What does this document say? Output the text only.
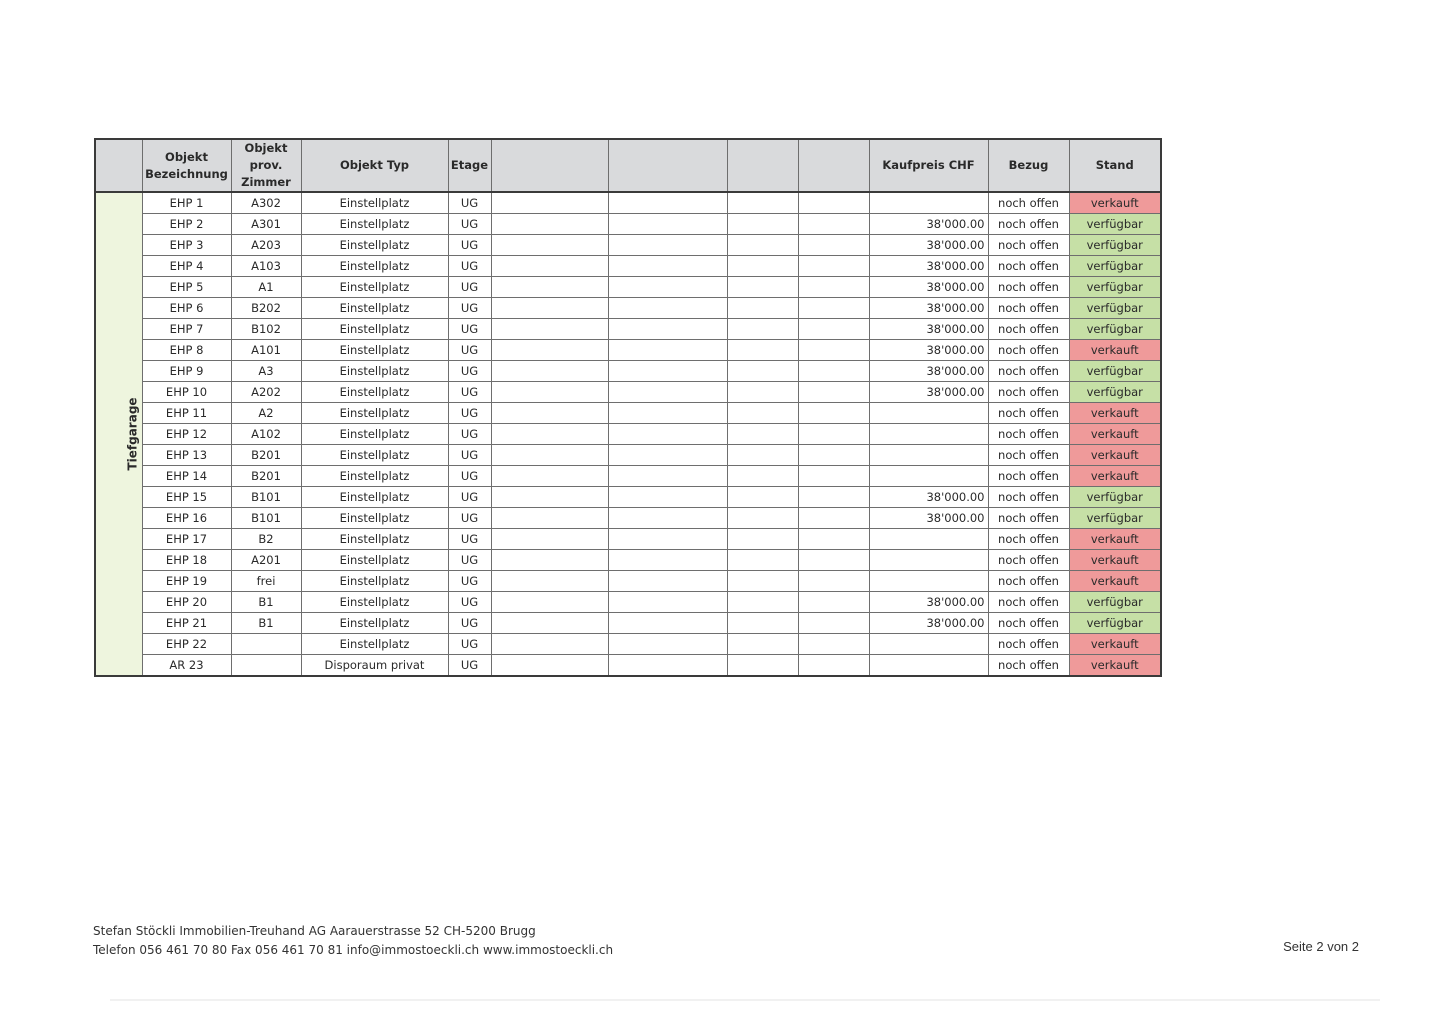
	Objekt Bezeichnung	Objekt prov. Zimmer	Objekt Typ	Etage					Kaufpreis CHF	Bezug	Stand
Tiefgarage	EHP 1	A302	Einstellplatz	UG						noch offen	verkauft
	EHP 2	A301	Einstellplatz	UG					38'000.00	noch offen	verfügbar
	EHP 3	A203	Einstellplatz	UG					38'000.00	noch offen	verfügbar
	EHP 4	A103	Einstellplatz	UG					38'000.00	noch offen	verfügbar
	EHP 5	A1	Einstellplatz	UG					38'000.00	noch offen	verfügbar
	EHP 6	B202	Einstellplatz	UG					38'000.00	noch offen	verfügbar
	EHP 7	B102	Einstellplatz	UG					38'000.00	noch offen	verfügbar
	EHP 8	A101	Einstellplatz	UG					38'000.00	noch offen	verkauft
	EHP 9	A3	Einstellplatz	UG					38'000.00	noch offen	verfügbar
	EHP 10	A202	Einstellplatz	UG					38'000.00	noch offen	verfügbar
	EHP 11	A2	Einstellplatz	UG						noch offen	verkauft
	EHP 12	A102	Einstellplatz	UG						noch offen	verkauft
	EHP 13	B201	Einstellplatz	UG						noch offen	verkauft
	EHP 14	B201	Einstellplatz	UG						noch offen	verkauft
	EHP 15	B101	Einstellplatz	UG					38'000.00	noch offen	verfügbar
	EHP 16	B101	Einstellplatz	UG					38'000.00	noch offen	verfügbar
	EHP 17	B2	Einstellplatz	UG						noch offen	verkauft
	EHP 18	A201	Einstellplatz	UG						noch offen	verkauft
	EHP 19	frei	Einstellplatz	UG						noch offen	verkauft
	EHP 20	B1	Einstellplatz	UG					38'000.00	noch offen	verfügbar
	EHP 21	B1	Einstellplatz	UG					38'000.00	noch offen	verfügbar
	EHP 22		Einstellplatz	UG						noch offen	verkauft
	AR 23		Disporaum privat	UG						noch offen	verkauft
Stefan Stöckli Immobilien-Treuhand AG Aarauerstrasse 52 CH-5200 Brugg
Telefon 056 461 70 80 Fax 056 461 70 81 info@immostoeckli.ch www.immostoeckli.ch	Seite 2 von 2
